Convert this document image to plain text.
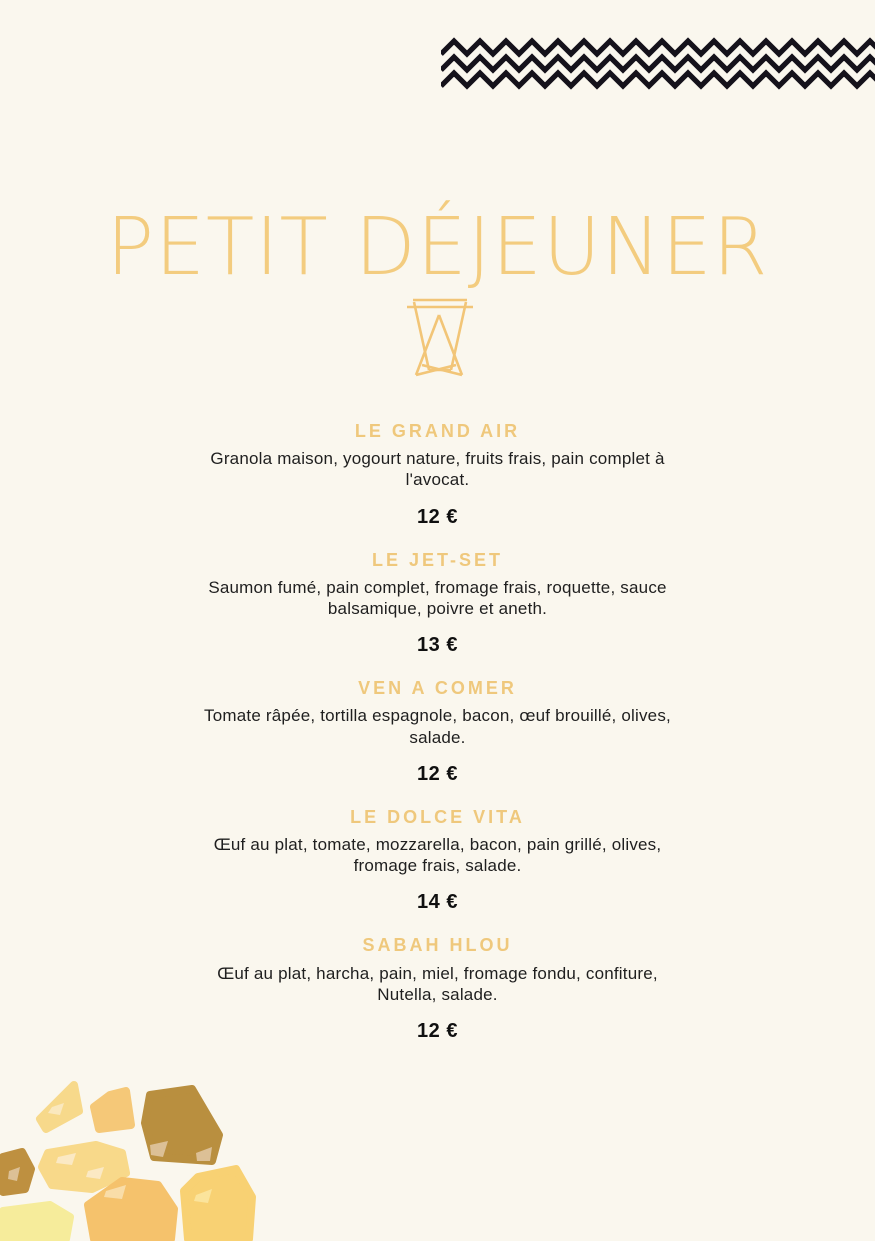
PETIT DÉJEUNER
LE GRAND AIR

Granola maison, yogourt nature, fruits frais, pain complet à l'avocat.

12 €
LE JET-SET

Saumon fumé, pain complet, fromage frais, roquette, sauce balsamique, poivre et aneth.

13 €
VEN A COMER

Tomate râpée, tortilla espagnole, bacon, œuf brouillé, olives, salade.

12 €
LE DOLCE VITA

Œuf au plat, tomate, mozzarella, bacon, pain grillé, olives, fromage frais, salade.

14 €
SABAH HLOU

Œuf au plat, harcha, pain, miel, fromage fondu, confiture, Nutella, salade.

12 €
